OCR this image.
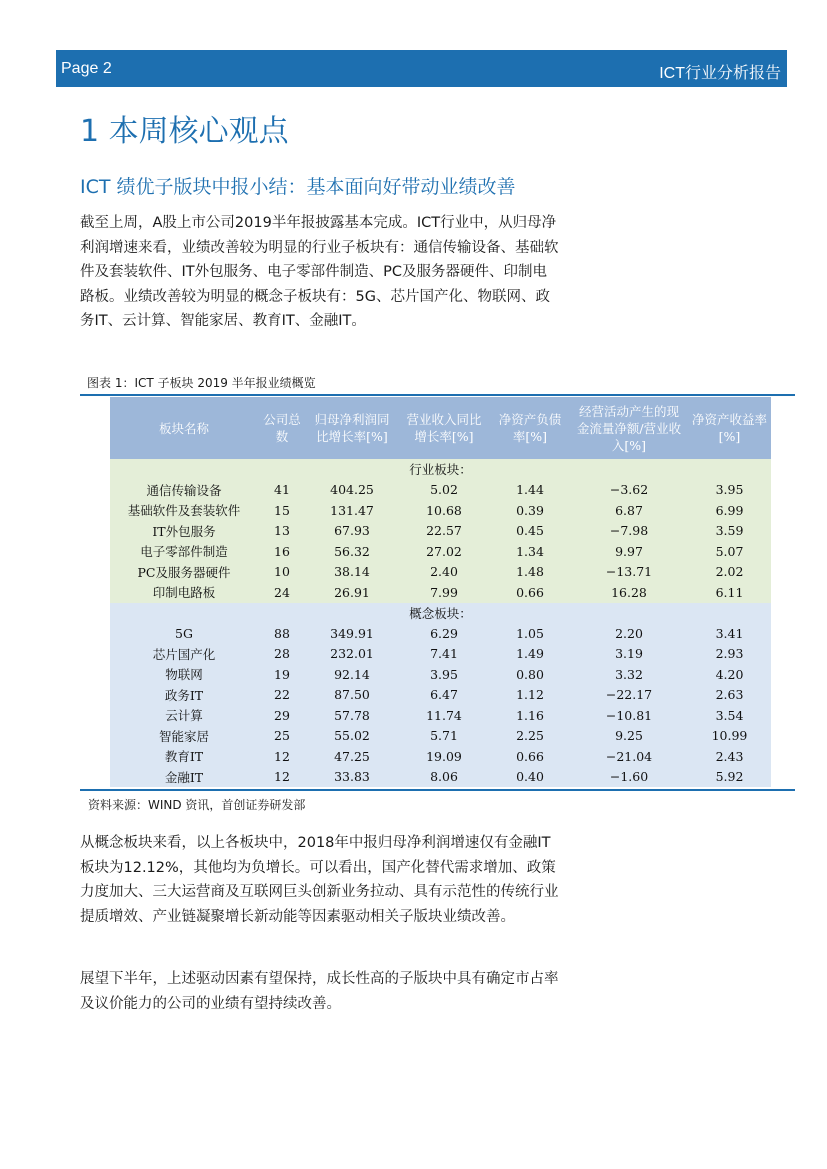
Page 2	ICT行业分析报告
1 本周核心观点
ICT 绩优子版块中报小结：基本面向好带动业绩改善

截至上周，A股上市公司2019半年报披露基本完成。ICT行业中，从归母净利润增速来看，业绩改善较为明显的行业子板块有：通信传输设备、基础软件及套装软件、IT外包服务、电子零部件制造、PC及服务器硬件、印制电路板。业绩改善较为明显的概念子板块有：5G、芯片国产化、物联网、政务IT、云计算、智能家居、教育IT、金融IT。

图表 1：ICT 子板块 2019 半年报业绩概览
板块名称	公司总数	归母净利润同比增长率[%]	营业收入同比增长率[%]	净资产负债率[%]	经营活动产生的现金流量净额/营业收入[%]	净资产收益率[%]
行业板块：						
通信传输设备	41	404.25	5.02	1.44	−3.62	3.95
基础软件及套装软件	15	131.47	10.68	0.39	6.87	6.99
IT外包服务	13	67.93	22.57	0.45	−7.98	3.59
电子零部件制造	16	56.32	27.02	1.34	9.97	5.07
PC及服务器硬件	10	38.14	2.40	1.48	−13.71	2.02
印制电路板	24	26.91	7.99	0.66	16.28	6.11
概念板块：						
5G	88	349.91	6.29	1.05	2.20	3.41
芯片国产化	28	232.01	7.41	1.49	3.19	2.93
物联网	19	92.14	3.95	0.80	3.32	4.20
政务IT	22	87.50	6.47	1.12	−22.17	2.63
云计算	29	57.78	11.74	1.16	−10.81	3.54
智能家居	25	55.02	5.71	2.25	9.25	10.99
教育IT	12	47.25	19.09	0.66	−21.04	2.43
金融IT	12	33.83	8.06	0.40	−1.60	5.92
资料来源：WIND 资讯，首创证券研发部

从概念板块来看，以上各板块中，2018年中报归母净利润增速仅有金融IT板块为12.12%，其他均为负增长。可以看出，国产化替代需求增加、政策力度加大、三大运营商及互联网巨头创新业务拉动、具有示范性的传统行业提质增效、产业链凝聚增长新动能等因素驱动相关子版块业绩改善。

展望下半年，上述驱动因素有望保持，成长性高的子版块中具有确定市占率及议价能力的公司的业绩有望持续改善。
